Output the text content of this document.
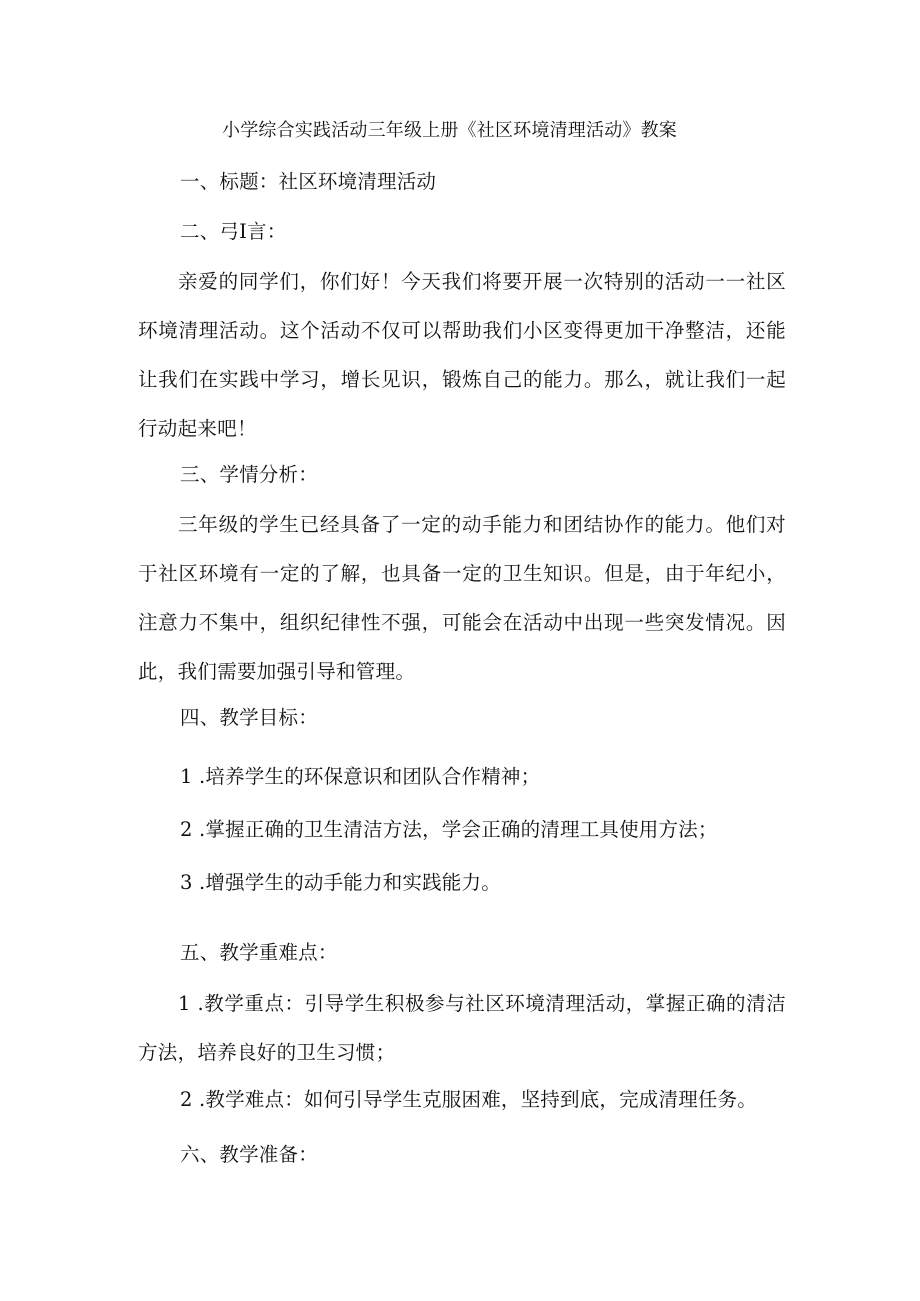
小学综合实践活动三年级上册《社区环境清理活动》教案
一、标题：社区环境清理活动
二、弓I言：
亲爱的同学们，你们好！今天我们将要开展一次特别的活动一一社区环境清理活动。这个活动不仅可以帮助我们小区变得更加干净整洁，还能让我们在实践中学习，增长见识，锻炼自己的能力。那么，就让我们一起行动起来吧！
三、学情分析：
三年级的学生已经具备了一定的动手能力和团结协作的能力。他们对于社区环境有一定的了解，也具备一定的卫生知识。但是，由于年纪小，注意力不集中，组织纪律性不强，可能会在活动中出现一些突发情况。因此，我们需要加强引导和管理。
四、教学目标：
1 .培养学生的环保意识和团队合作精神；
2 .掌握正确的卫生清洁方法，学会正确的清理工具使用方法；
3 .增强学生的动手能力和实践能力。
五、教学重难点：
1 .教学重点：引导学生积极参与社区环境清理活动，掌握正确的清洁方法，培养良好的卫生习惯；
2 .教学难点：如何引导学生克服困难，坚持到底，完成清理任务。
六、教学准备：
